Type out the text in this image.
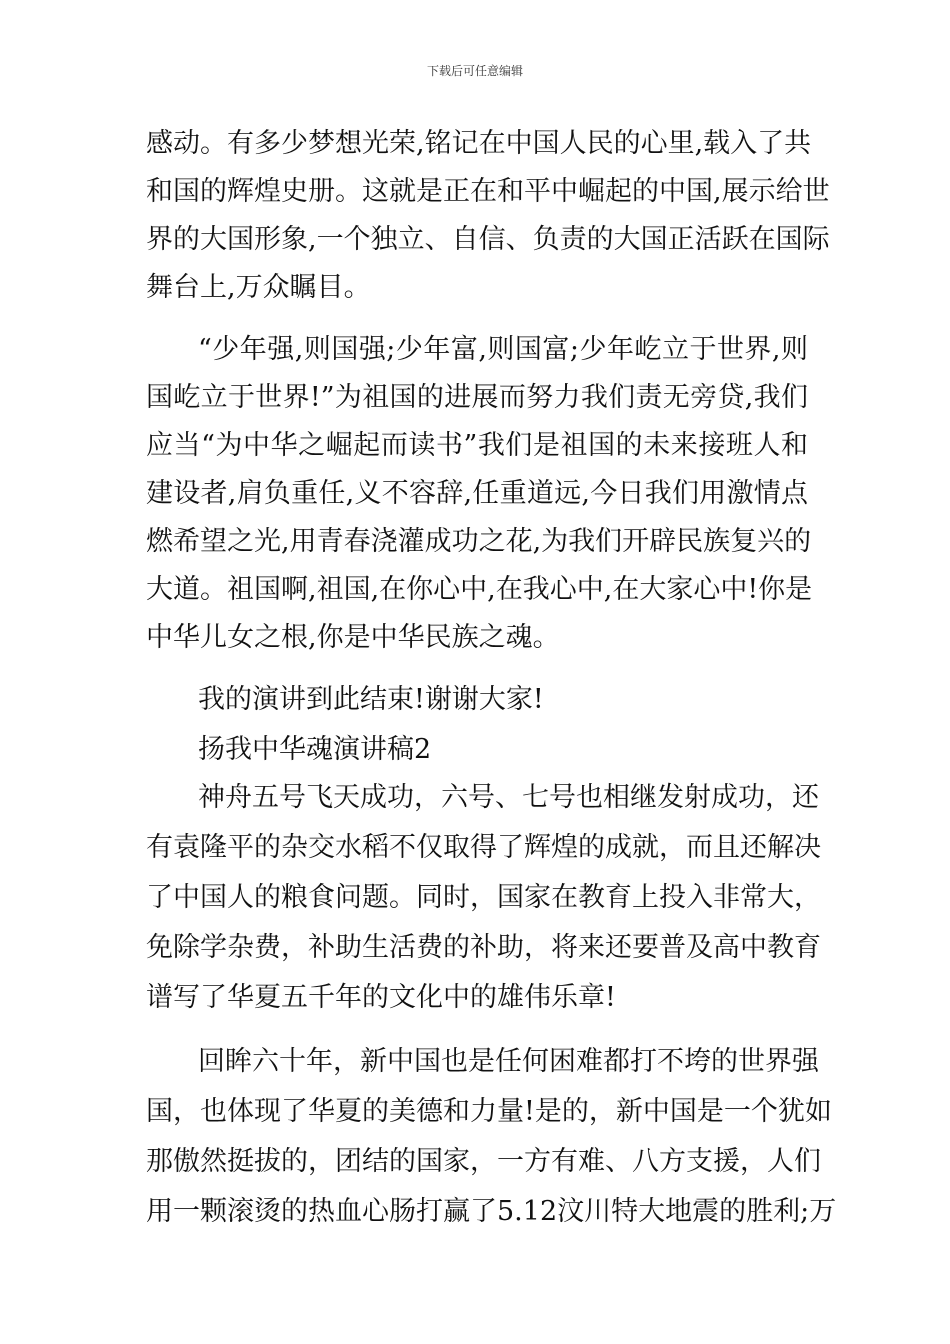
下载后可任意编辑
感动。有多少梦想光荣,铭记在中国人民的心里,载入了共
和国的辉煌史册。这就是正在和平中崛起的中国,展示给世
界的大国形象,一个独立、自信、负责的大国正活跃在国际
舞台上,万众瞩目。
“少年强,则国强;少年富,则国富;少年屹立于世界,则
国屹立于世界!”为祖国的进展而努力我们责无旁贷,我们
应当“为中华之崛起而读书”我们是祖国的未来接班人和
建设者,肩负重任,义不容辞,任重道远,今日我们用激情点
燃希望之光,用青春浇灌成功之花,为我们开辟民族复兴的
大道。祖国啊,祖国,在你心中,在我心中,在大家心中!你是
中华儿女之根,你是中华民族之魂。
我的演讲到此结束!谢谢大家!
扬我中华魂演讲稿2
神舟五号飞天成功，六号、七号也相继发射成功，还
有袁隆平的杂交水稻不仅取得了辉煌的成就，而且还解决
了中国人的粮食问题。同时，国家在教育上投入非常大，
免除学杂费，补助生活费的补助，将来还要普及高中教育
谱写了华夏五千年的文化中的雄伟乐章!
回眸六十年，新中国也是任何困难都打不垮的世界强
国，也体现了华夏的美德和力量!是的，新中国是一个犹如
那傲然挺拔的，团结的国家，一方有难、八方支援，人们
用一颗滚烫的热血心肠打赢了5.12汶川特大地震的胜利;万
